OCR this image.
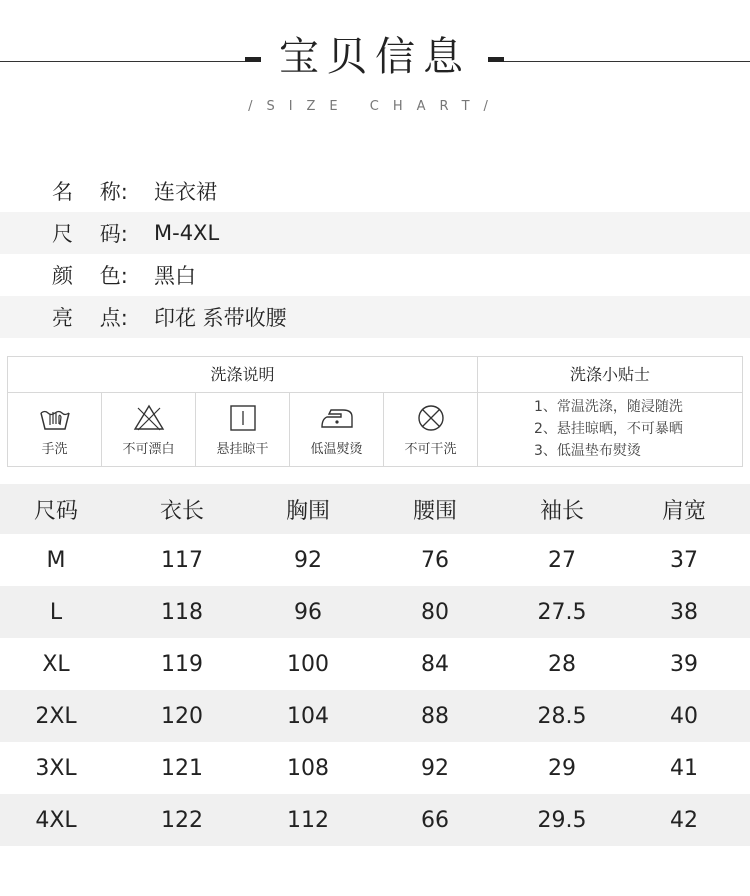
宝贝信息
/SIZE CHART/
名    称:	连衣裙
尺    码:	M-4XL
颜    色:	黑白
亮    点:	印花 系带收腰
洗涤说明	洗涤小贴士
手洗	不可漂白	悬挂晾干	低温熨烫	不可干洗
1、常温洗涤，随浸随洗
2、悬挂晾晒，不可暴晒
3、低温垫布熨烫
尺码	衣长	胸围	腰围	袖长	肩宽
M	117	92	76	27	37
L	118	96	80	27.5	38
XL	119	100	84	28	39
2XL	120	104	88	28.5	40
3XL	121	108	92	29	41
4XL	122	112	66	29.5	42
